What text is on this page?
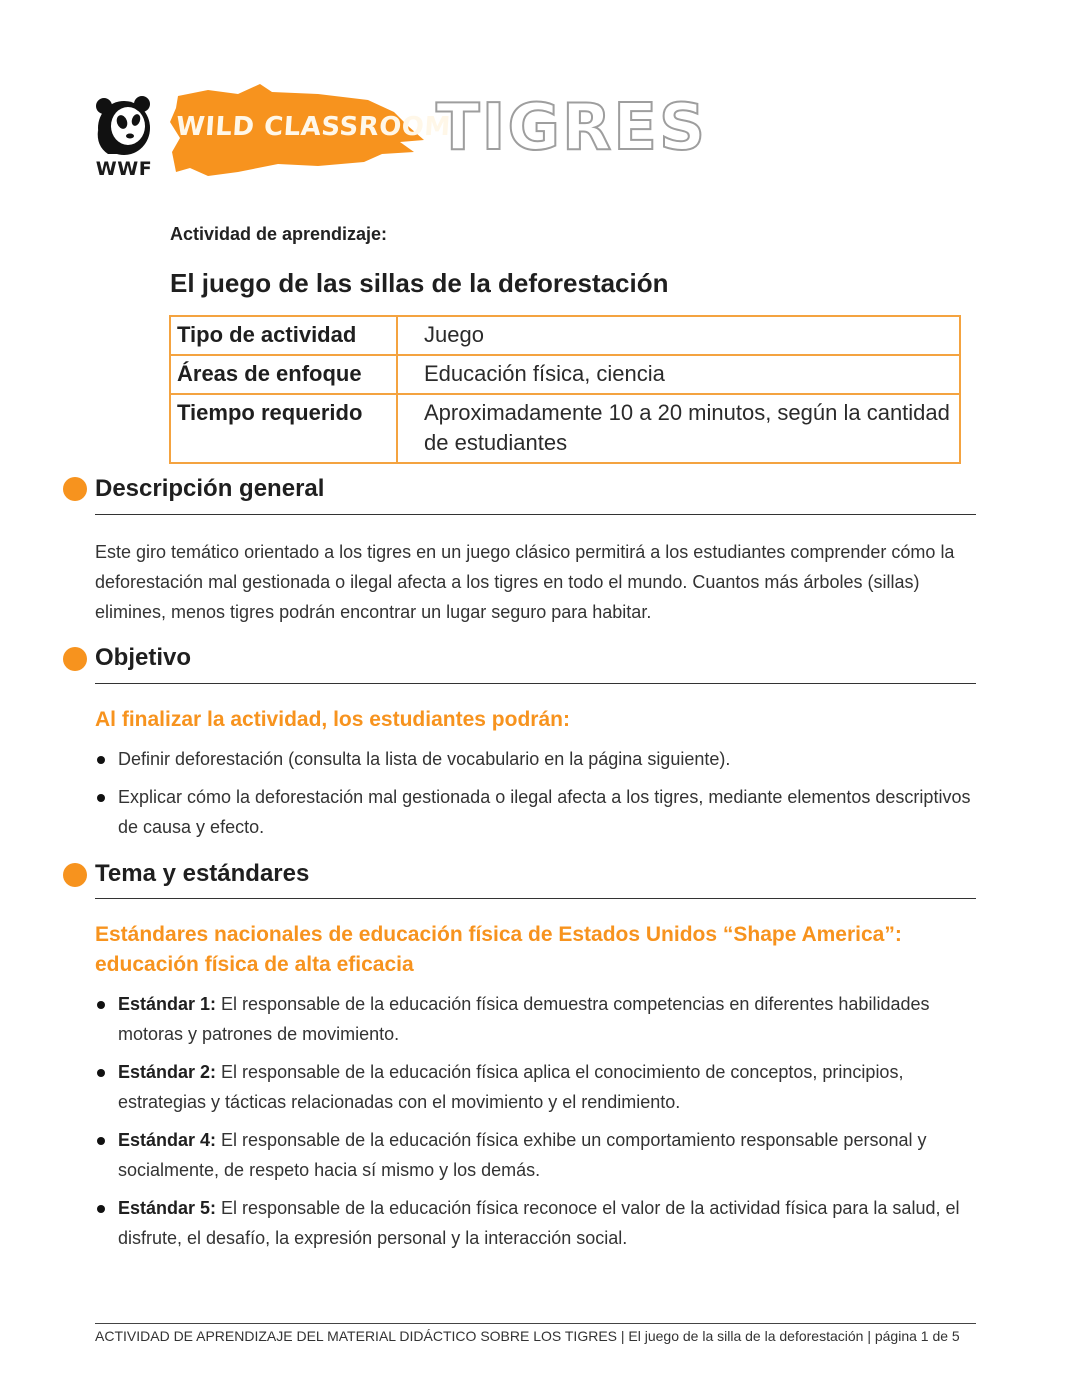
WWF
WILD CLASSROOM
TIGRES
Actividad de aprendizaje:
El juego de las sillas de la deforestación
Tipo de actividad	Juego
Áreas de enfoque	Educación física, ciencia
Tiempo requerido	Aproximadamente 10 a 20 minutos, según la cantidad de estudiantes
Descripción general
Este giro temático orientado a los tigres en un juego clásico permitirá a los estudiantes comprender cómo la deforestación mal gestionada o ilegal afecta a los tigres en todo el mundo. Cuantos más árboles (sillas) elimines, menos tigres podrán encontrar un lugar seguro para habitar.
Objetivo
Al finalizar la actividad, los estudiantes podrán:
Definir deforestación (consulta la lista de vocabulario en la página siguiente).
Explicar cómo la deforestación mal gestionada o ilegal afecta a los tigres, mediante elementos descriptivos de causa y efecto.
Tema y estándares
Estándares nacionales de educación física de Estados Unidos “Shape America”: educación física de alta eficacia
Estándar 1: El responsable de la educación física demuestra competencias en diferentes habilidades motoras y patrones de movimiento.
Estándar 2: El responsable de la educación física aplica el conocimiento de conceptos, principios, estrategias y tácticas relacionadas con el movimiento y el rendimiento.
Estándar 4: El responsable de la educación física exhibe un comportamiento responsable personal y socialmente, de respeto hacia sí mismo y los demás.
Estándar 5: El responsable de la educación física reconoce el valor de la actividad física para la salud, el disfrute, el desafío, la expresión personal y la interacción social.
ACTIVIDAD DE APRENDIZAJE DEL MATERIAL DIDÁCTICO SOBRE LOS TIGRES | El juego de la silla de la deforestación | página 1 de 5
